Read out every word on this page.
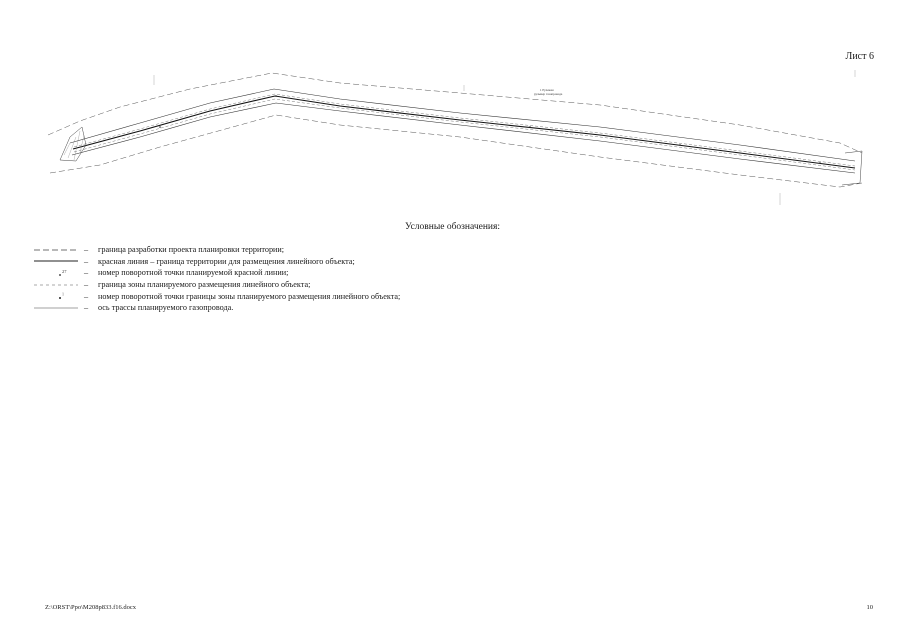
Лист 6
1 Рулеком
рульмер газопровода
Условные обозначения:
–	граница разработки проекта планировки территории;
–	красная линия – граница территории для размещения линейного объекта;
27 –	номер поворотной точки планируемой красной линии;
–	граница зоны планируемого размещения линейного объекта;
1 –	номер поворотной точки границы зоны планируемого размещения линейного объекта;
–	ось трассы планируемого газопровода.
Z:\ORST\Ppo\M208p833.f16.docx	10
